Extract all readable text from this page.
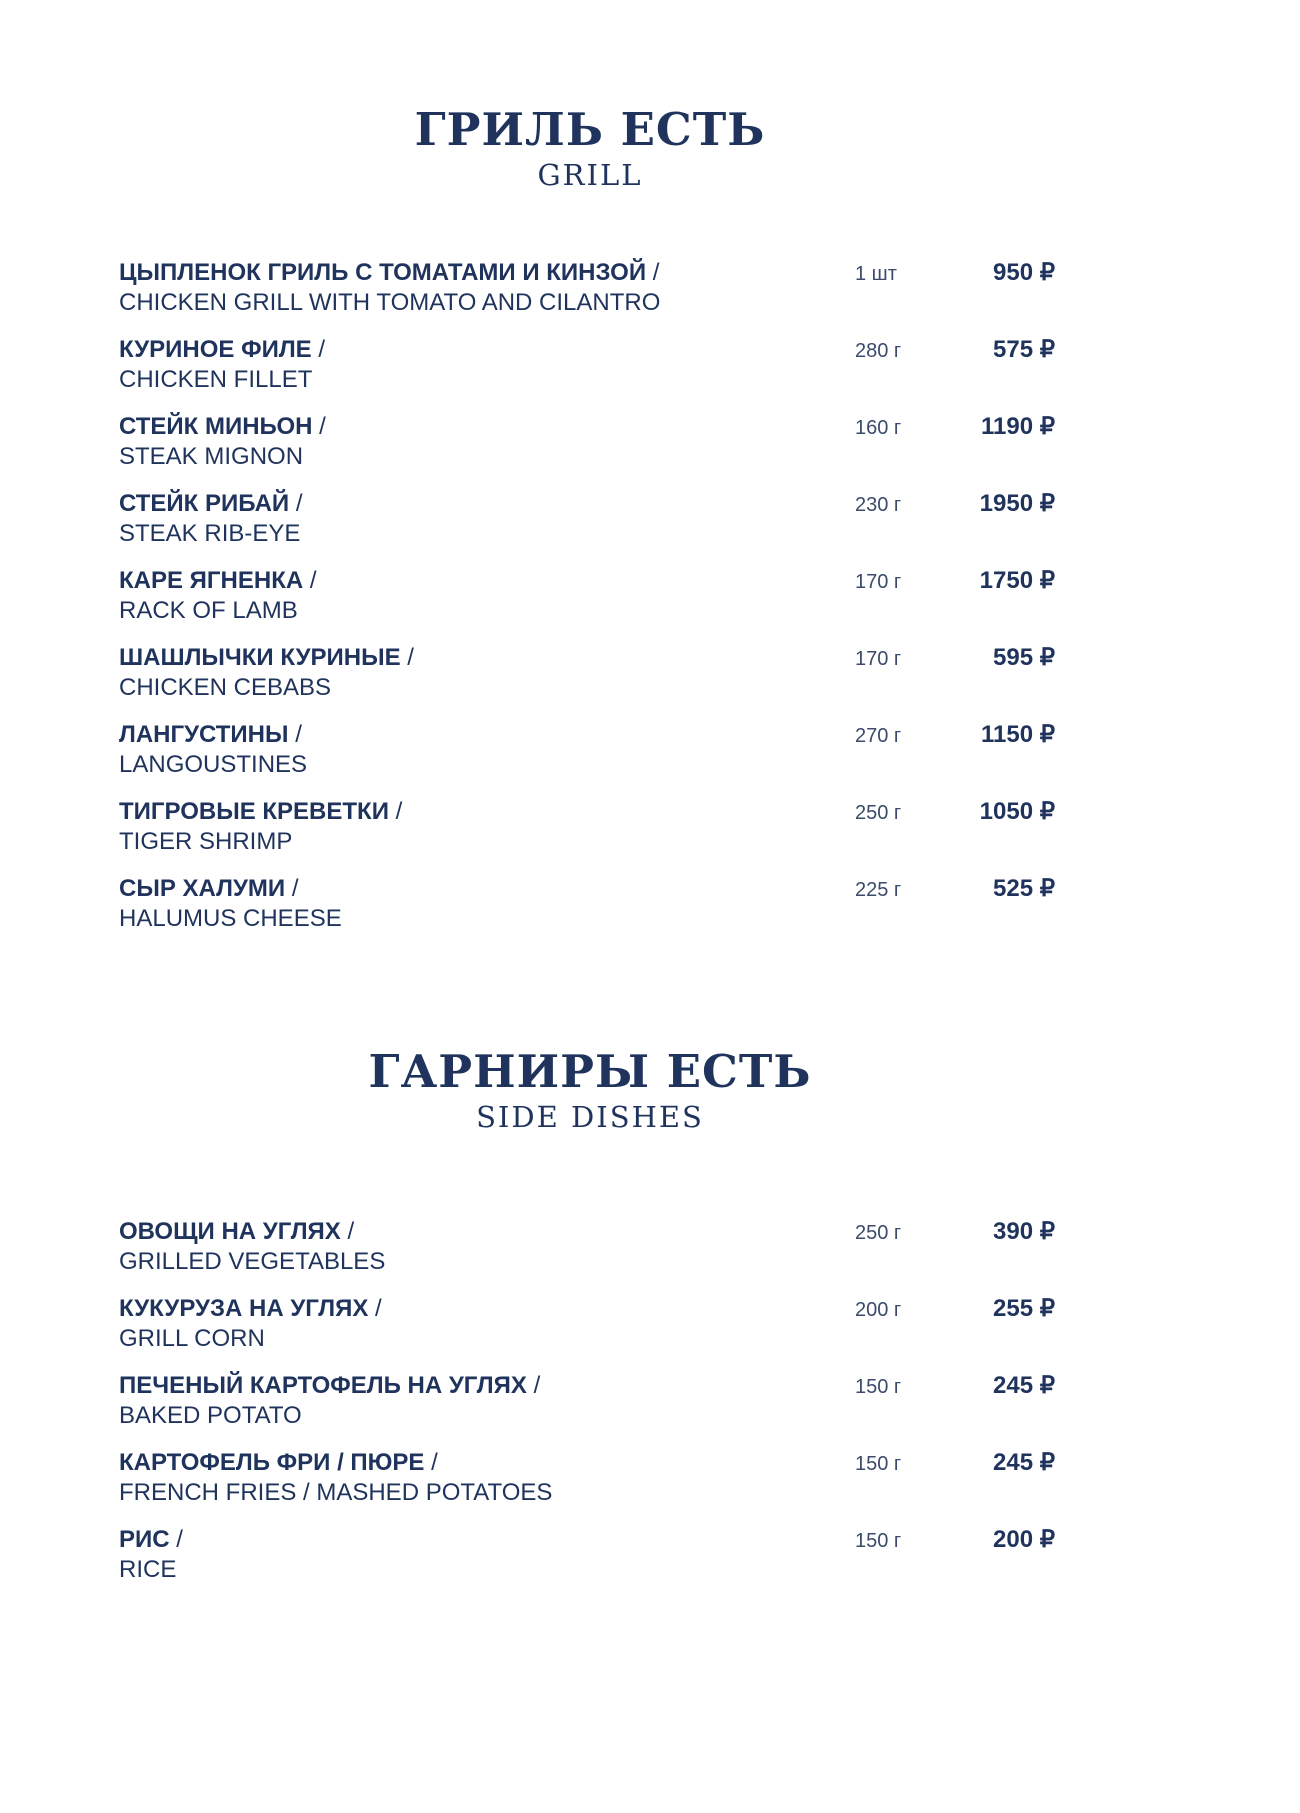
ГРИЛЬ ЕСТЬ
GRILL
ЦЫПЛЕНОК ГРИЛЬ С ТОМАТАМИ И КИНЗОЙ /
CHICKEN GRILL WITH TOMATO AND CILANTRO
1 шт	950 ₽
КУРИНОЕ ФИЛЕ /
CHICKEN FILLET
280 г	575 ₽
СТЕЙК МИНЬОН /
STEAK MIGNON
160 г	1190 ₽
СТЕЙК РИБАЙ /
STEAK RIB-EYE
230 г	1950 ₽
КАРЕ ЯГНЕНКА /
RACK OF LAMB
170 г	1750 ₽
ШАШЛЫЧКИ КУРИНЫЕ /
CHICKEN CEBABS
170 г	595 ₽
ЛАНГУСТИНЫ /
LANGOUSTINES
270 г	1150 ₽
ТИГРОВЫЕ КРЕВЕТКИ /
TIGER SHRIMP
250 г	1050 ₽
СЫР ХАЛУМИ /
HALUMUS CHEESE
225 г	525 ₽
ГАРНИРЫ ЕСТЬ
SIDE DISHES
ОВОЩИ НА УГЛЯХ /
GRILLED VEGETABLES
250 г	390 ₽
КУКУРУЗА НА УГЛЯХ /
GRILL CORN
200 г	255 ₽
ПЕЧЕНЫЙ КАРТОФЕЛЬ НА УГЛЯХ /
BAKED POTATO
150 г	245 ₽
КАРТОФЕЛЬ ФРИ / ПЮРЕ /
FRENCH FRIES / MASHED POTATOES
150 г	245 ₽
РИС /
RICE
150 г	200 ₽
